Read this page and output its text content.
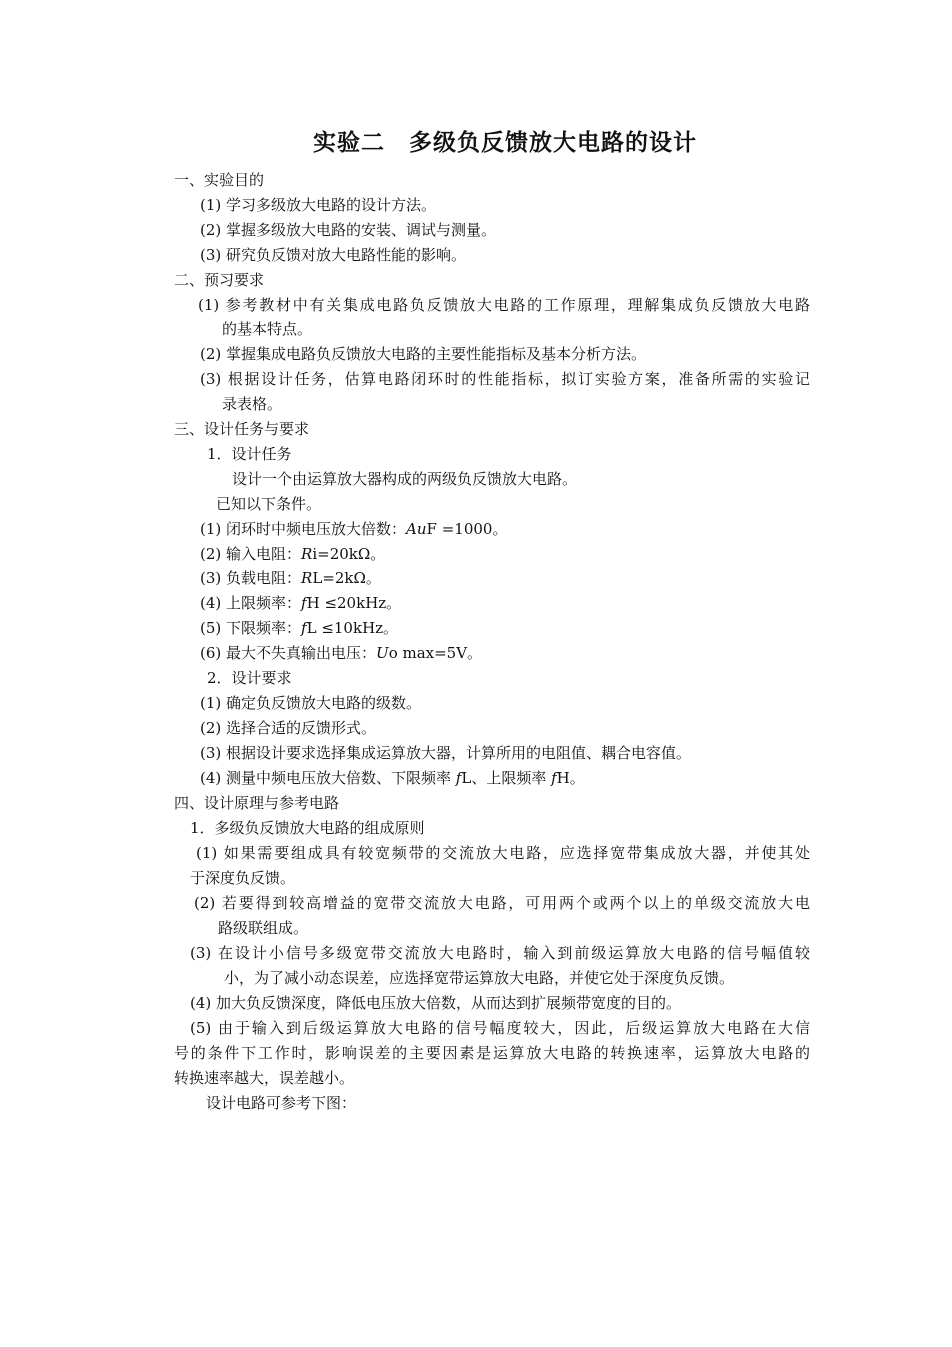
实验二　多级负反馈放大电路的设计
一、实验目的
(1) 学习多级放大电路的设计方法。
(2) 掌握多级放大电路的安装、调试与测量。
(3) 研究负反馈对放大电路性能的影响。
二、预习要求
(1) 参考教材中有关集成电路负反馈放大电路的工作原理，理解集成负反馈放大电路
的基本特点。
(2) 掌握集成电路负反馈放大电路的主要性能指标及基本分析方法。
(3) 根据设计任务，估算电路闭环时的性能指标，拟订实验方案，准备所需的实验记
录表格。
三、设计任务与要求
1．设计任务
设计一个由运算放大器构成的两级负反馈放大电路。
已知以下条件。
(1) 闭环时中频电压放大倍数：AuF =1000。
(2) 输入电阻：Ri=20kΩ。
(3) 负载电阻：RL=2kΩ。
(4) 上限频率：fH ≤20kHz。
(5) 下限频率：fL ≤10kHz。
(6) 最大不失真输出电压：Uo max=5V。
2．设计要求
(1) 确定负反馈放大电路的级数。
(2) 选择合适的反馈形式。
(3) 根据设计要求选择集成运算放大器，计算所用的电阻值、耦合电容值。
(4) 测量中频电压放大倍数、下限频率 fL、上限频率 fH。
四、设计原理与参考电路
1．多级负反馈放大电路的组成原则
(1) 如果需要组成具有较宽频带的交流放大电路，应选择宽带集成放大器，并使其处
于深度负反馈。
(2) 若要得到较高增益的宽带交流放大电路，可用两个或两个以上的单级交流放大电
路级联组成。
(3) 在设计小信号多级宽带交流放大电路时，输入到前级运算放大电路的信号幅值较
小，为了减小动态误差，应选择宽带运算放大电路，并使它处于深度负反馈。
(4) 加大负反馈深度，降低电压放大倍数，从而达到扩展频带宽度的目的。
(5) 由于输入到后级运算放大电路的信号幅度较大，因此，后级运算放大电路在大信
号的条件下工作时，影响误差的主要因素是运算放大电路的转换速率，运算放大电路的
转换速率越大，误差越小。
设计电路可参考下图：
